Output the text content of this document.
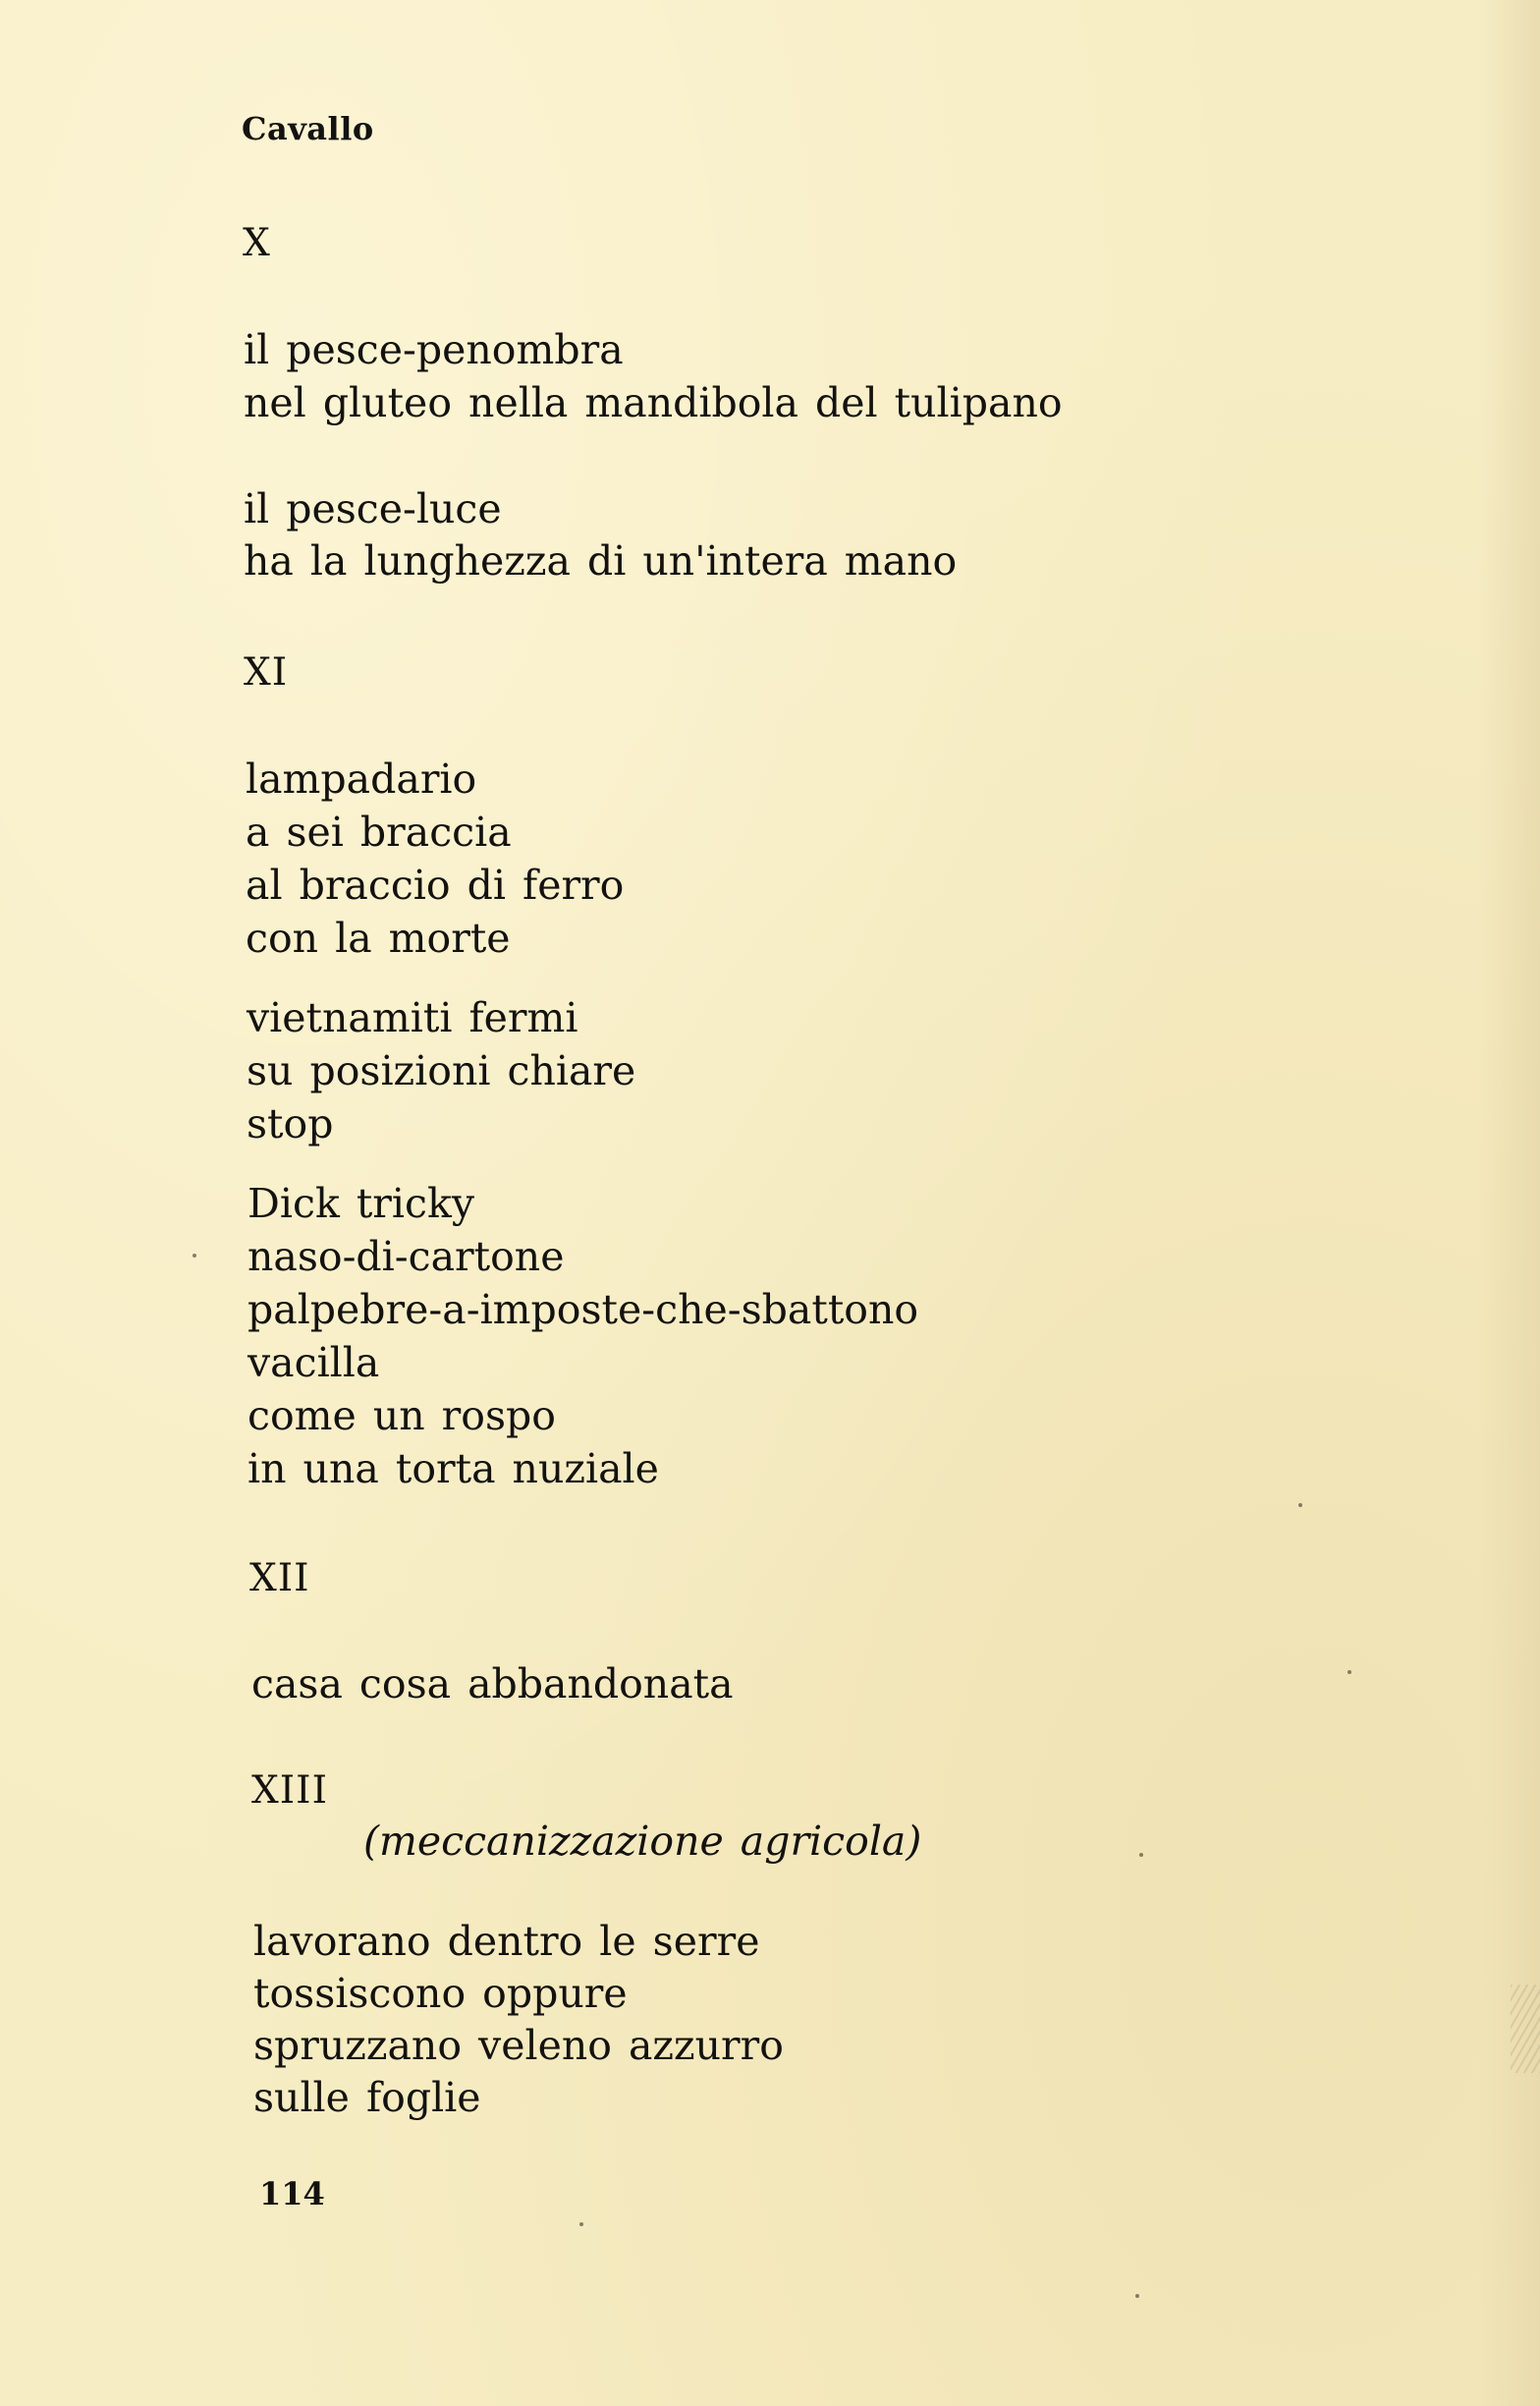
Cavallo
X
il pesce-penombra
nel gluteo nella mandibola del tulipano
il pesce-luce
ha la lunghezza di un'intera mano
XI
lampadario
a sei braccia
al braccio di ferro
con la morte
vietnamiti fermi
su posizioni chiare
stop
Dick tricky
naso-di-cartone
palpebre-a-imposte-che-sbattono
vacilla
come un rospo
in una torta nuziale
XII
casa cosa abbandonata
XIII
(meccanizzazione agricola)
lavorano dentro le serre
tossiscono oppure
spruzzano veleno azzurro
sulle foglie
114
